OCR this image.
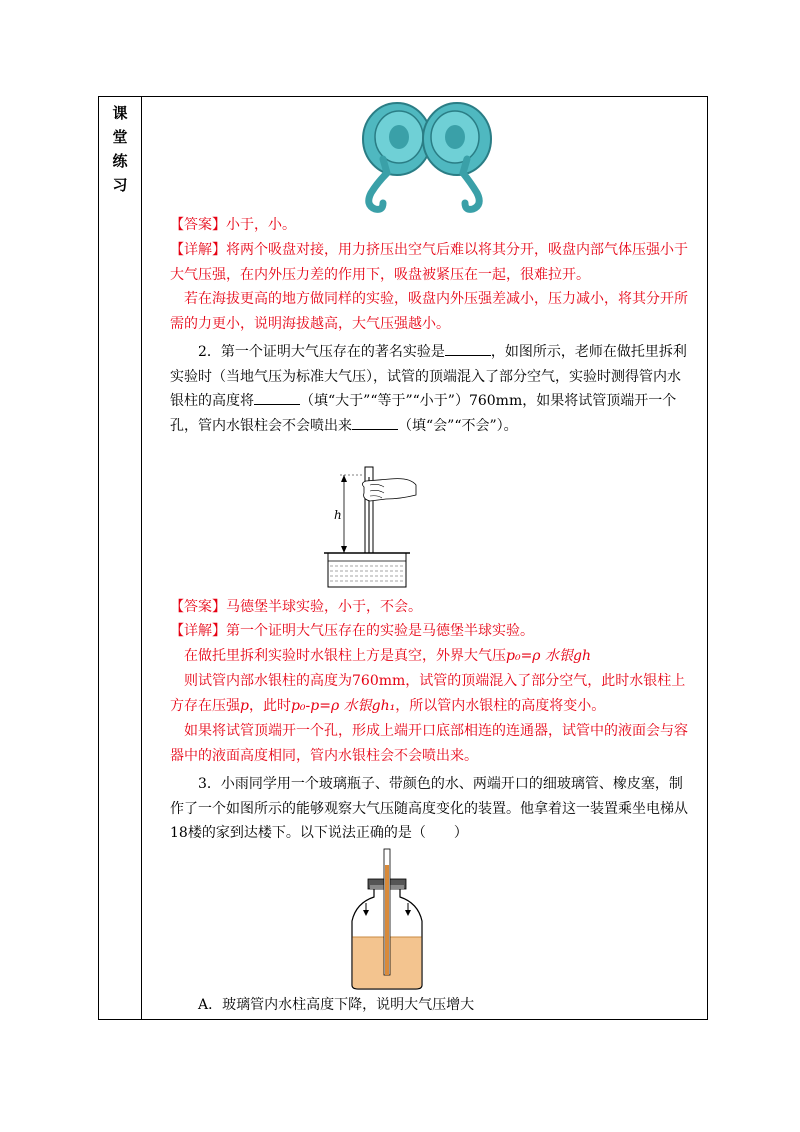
课
堂
练
习

【答案】小于，小。

【详解】将两个吸盘对接，用力挤压出空气后难以将其分开，吸盘内部气体压强小于大气压强，在内外压力差的作用下，吸盘被紧压在一起，很难拉开。

若在海拔更高的地方做同样的实验，吸盘内外压强差减小，压力减小，将其分开所需的力更小，说明海拔越高，大气压强越小。

2．第一个证明大气压存在的著名实验是	，如图所示，老师在做托里拆利实验时（当地气压为标准大气压），试管的顶端混入了部分空气，实验时测得管内水银柱的高度将	（填“大于”“等于”“小于”）760mm，如果将试管顶端开一个孔，管内水银柱会不会喷出来	（填“会”“不会”）。

h

【答案】马德堡半球实验，小于，不会。

【详解】第一个证明大气压存在的实验是马德堡半球实验。

在做托里拆利实验时水银柱上方是真空，外界大气压p₀=ρ 水银gh

则试管内部水银柱的高度为760mm，试管的顶端混入了部分空气，此时水银柱上方存在压强p，此时p₀-p=ρ 水银gh₁，所以管内水银柱的高度将变小。

如果将试管顶端开一个孔，形成上端开口底部相连的连通器，试管中的液面会与容器中的液面高度相同，管内水银柱会不会喷出来。

3．小雨同学用一个玻璃瓶子、带颜色的水、两端开口的细玻璃管、橡皮塞，制作了一个如图所示的能够观察大气压随高度变化的装置。他拿着这一装置乘坐电梯从18楼的家到达楼下。以下说法正确的是（　　）

A．玻璃管内水柱高度下降，说明大气压增大
